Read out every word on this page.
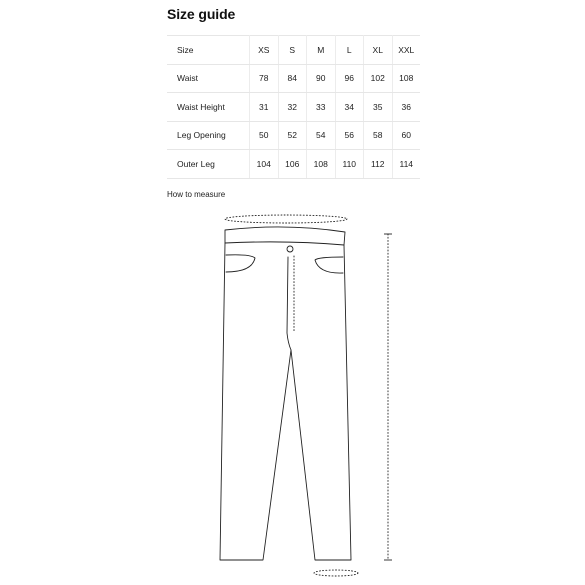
Size guide
Size	XS	S	M	L	XL	XXL
Waist	78	84	90	96	102	108
Waist Height	31	32	33	34	35	36
Leg Opening	50	52	54	56	58	60
Outer Leg	104	106	108	110	112	114
How to measure
